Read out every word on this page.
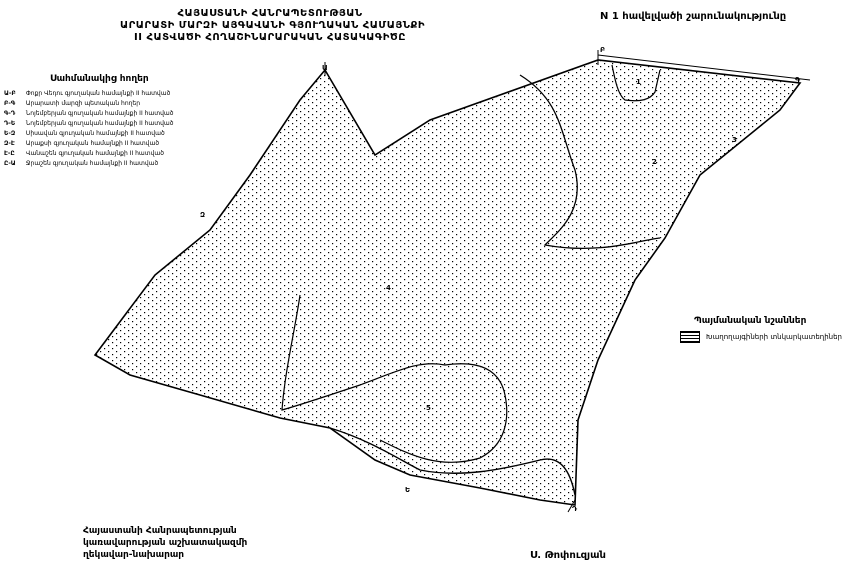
ՀԱՅԱՍՏԱՆԻ ՀԱՆՐԱՊԵՏՈՒԹՅԱՆ
ԱՐԱՐԱՏԻ ՄԱՐԶԻ ԱՅԳԱՎԱՆԻ ԳՅՈՒՂԱԿԱՆ ՀԱՄԱՅՆՔԻ
II ՀԱՏՎԱԾԻ ՀՈՂԱՇԻՆԱՐԱՐԱԿԱՆ ՀԱՏԱԿԱԳԻԾԸ
N 1 հավելվածի շարունակությունը
Ա
Բ
Գ
Դ
Ե
Զ
1
2
3
4
5
Սահմանակից հողեր
Ա-Բ Փոքր Վեդու գյուղական համայնքի II հատված
Բ-Գ Արարատի մարզի պետական հողեր
Գ-Դ Նոյեմբերյան գյուղական համայնքի II հատված
Դ-Ե Նոյեմբերյան գյուղական համայնքի II հատված
Ե-Զ Սիսավան գյուղական համայնքի II հատված
Զ-Է Արաքսի գյուղական համայնքի II հատված
Է-Ը Վանաշեն գյուղական համայնքի II հատված
Ը-Ա Ջրաշեն գյուղական համայնքի II հատված
Պայմանական նշաններ
Խաղողայգիների տնկարկատեղիներ
Հայաստանի Հանրապետության
կառավարության աշխատակազմի
ղեկավար-նախարար	Ս. Թոփուզյան
